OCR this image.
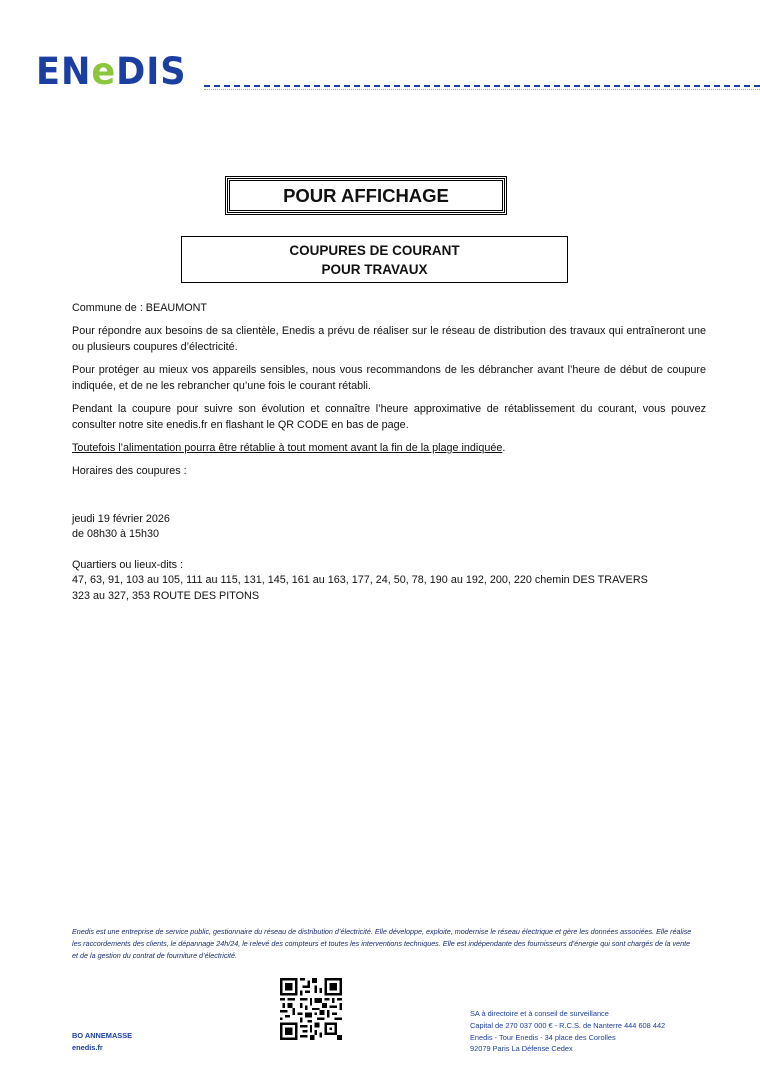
ENeDIS
POUR AFFICHAGE
COUPURES DE COURANT
POUR TRAVAUX
Commune de : BEAUMONT
Pour répondre aux besoins de sa clientèle, Enedis a prévu de réaliser sur le réseau de distribution des travaux qui entraîneront une ou plusieurs coupures d’électricité.
Pour protéger au mieux vos appareils sensibles, nous vous recommandons de les débrancher avant l’heure de début de coupure indiquée, et de ne les rebrancher qu’une fois le courant rétabli.
Pendant la coupure pour suivre son évolution et connaître l’heure approximative de rétablissement du courant, vous pouvez consulter notre site enedis.fr en flashant le QR CODE en bas de page.
Toutefois l’alimentation pourra être rétablie à tout moment avant la fin de la plage indiquée.
Horaires des coupures :
jeudi 19 février 2026
de 08h30 à 15h30
Quartiers ou lieux-dits :
47, 63, 91, 103 au 105, 111 au 115, 131, 145, 161 au 163, 177, 24, 50, 78, 190 au 192, 200, 220 chemin DES TRAVERS
323 au 327, 353 ROUTE DES PITONS
Enedis est une entreprise de service public, gestionnaire du réseau de distribution d’électricité. Elle développe, exploite, modernise le réseau électrique et gère les données associées. Elle réalise les raccordements des clients, le dépannage 24h/24, le relevé des compteurs et toutes les interventions techniques. Elle est indépendante des fournisseurs d’énergie qui sont chargés de la vente et de la gestion du contrat de fourniture d’électricité.
BO ANNEMASSE
enedis.fr
SA à directoire et à conseil de surveillance
Capital de 270 037 000 € - R.C.S. de Nanterre 444 608 442
Enedis - Tour Enedis - 34 place des Corolles
92079 Paris La Défense Cedex
